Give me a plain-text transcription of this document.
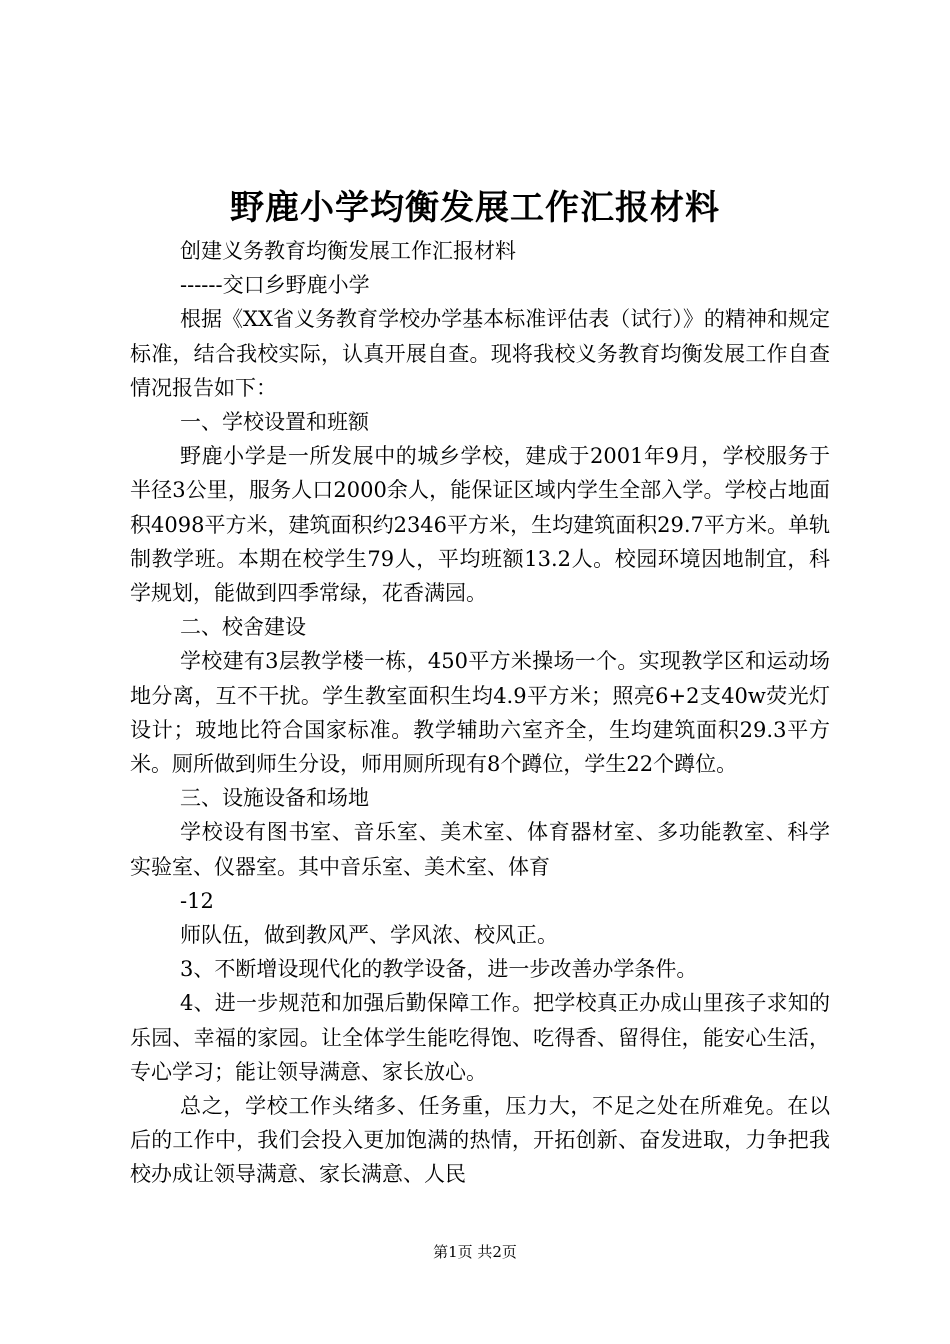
野鹿小学均衡发展工作汇报材料

创建义务教育均衡发展工作汇报材料

------交口乡野鹿小学

根据《XX省义务教育学校办学基本标准评估表（试行）》的精神和规定标准，结合我校实际，认真开展自查。现将我校义务教育均衡发展工作自查情况报告如下：

一、学校设置和班额

野鹿小学是一所发展中的城乡学校，建成于2001年9月，学校服务于半径3公里，服务人口2000余人，能保证区域内学生全部入学。学校占地面积4098平方米，建筑面积约2346平方米，生均建筑面积29.7平方米。单轨制教学班。本期在校学生79人，平均班额13.2人。校园环境因地制宜，科学规划，能做到四季常绿，花香满园。

二、校舍建设

学校建有3层教学楼一栋，450平方米操场一个。实现教学区和运动场地分离，互不干扰。学生教室面积生均4.9平方米；照亮6+2支40w荧光灯设计；玻地比符合国家标准。教学辅助六室齐全，生均建筑面积29.3平方米。厕所做到师生分设，师用厕所现有8个蹲位，学生22个蹲位。

三、设施设备和场地

学校设有图书室、音乐室、美术室、体育器材室、多功能教室、科学实验室、仪器室。其中音乐室、美术室、体育

-12

师队伍，做到教风严、学风浓、校风正。

3、不断增设现代化的教学设备，进一步改善办学条件。

4、进一步规范和加强后勤保障工作。把学校真正办成山里孩子求知的乐园、幸福的家园。让全体学生能吃得饱、吃得香、留得住，能安心生活，专心学习；能让领导满意、家长放心。

总之，学校工作头绪多、任务重，压力大，不足之处在所难免。在以后的工作中，我们会投入更加饱满的热情，开拓创新、奋发进取，力争把我校办成让领导满意、家长满意、人民

第1页 共2页
